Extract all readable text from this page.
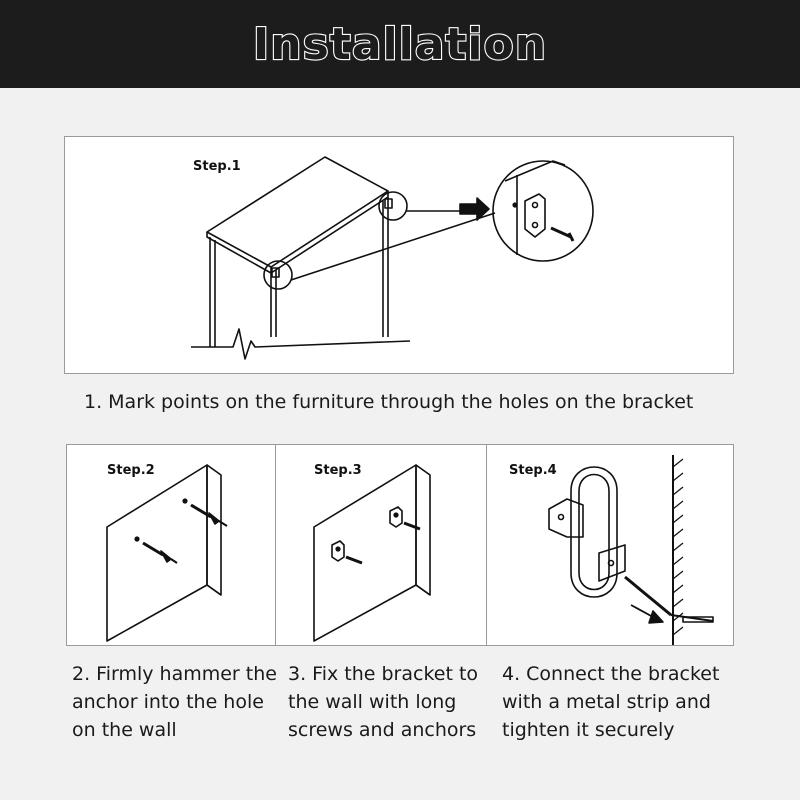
Installation
Step.1
1. Mark points on the furniture through the holes on the bracket
Step.2
2. Firmly hammer the anchor into the hole on the wall
Step.3
3. Fix the bracket to the wall with long screws and anchors
Step.4
4. Connect the bracket with a metal strip and tighten it securely
